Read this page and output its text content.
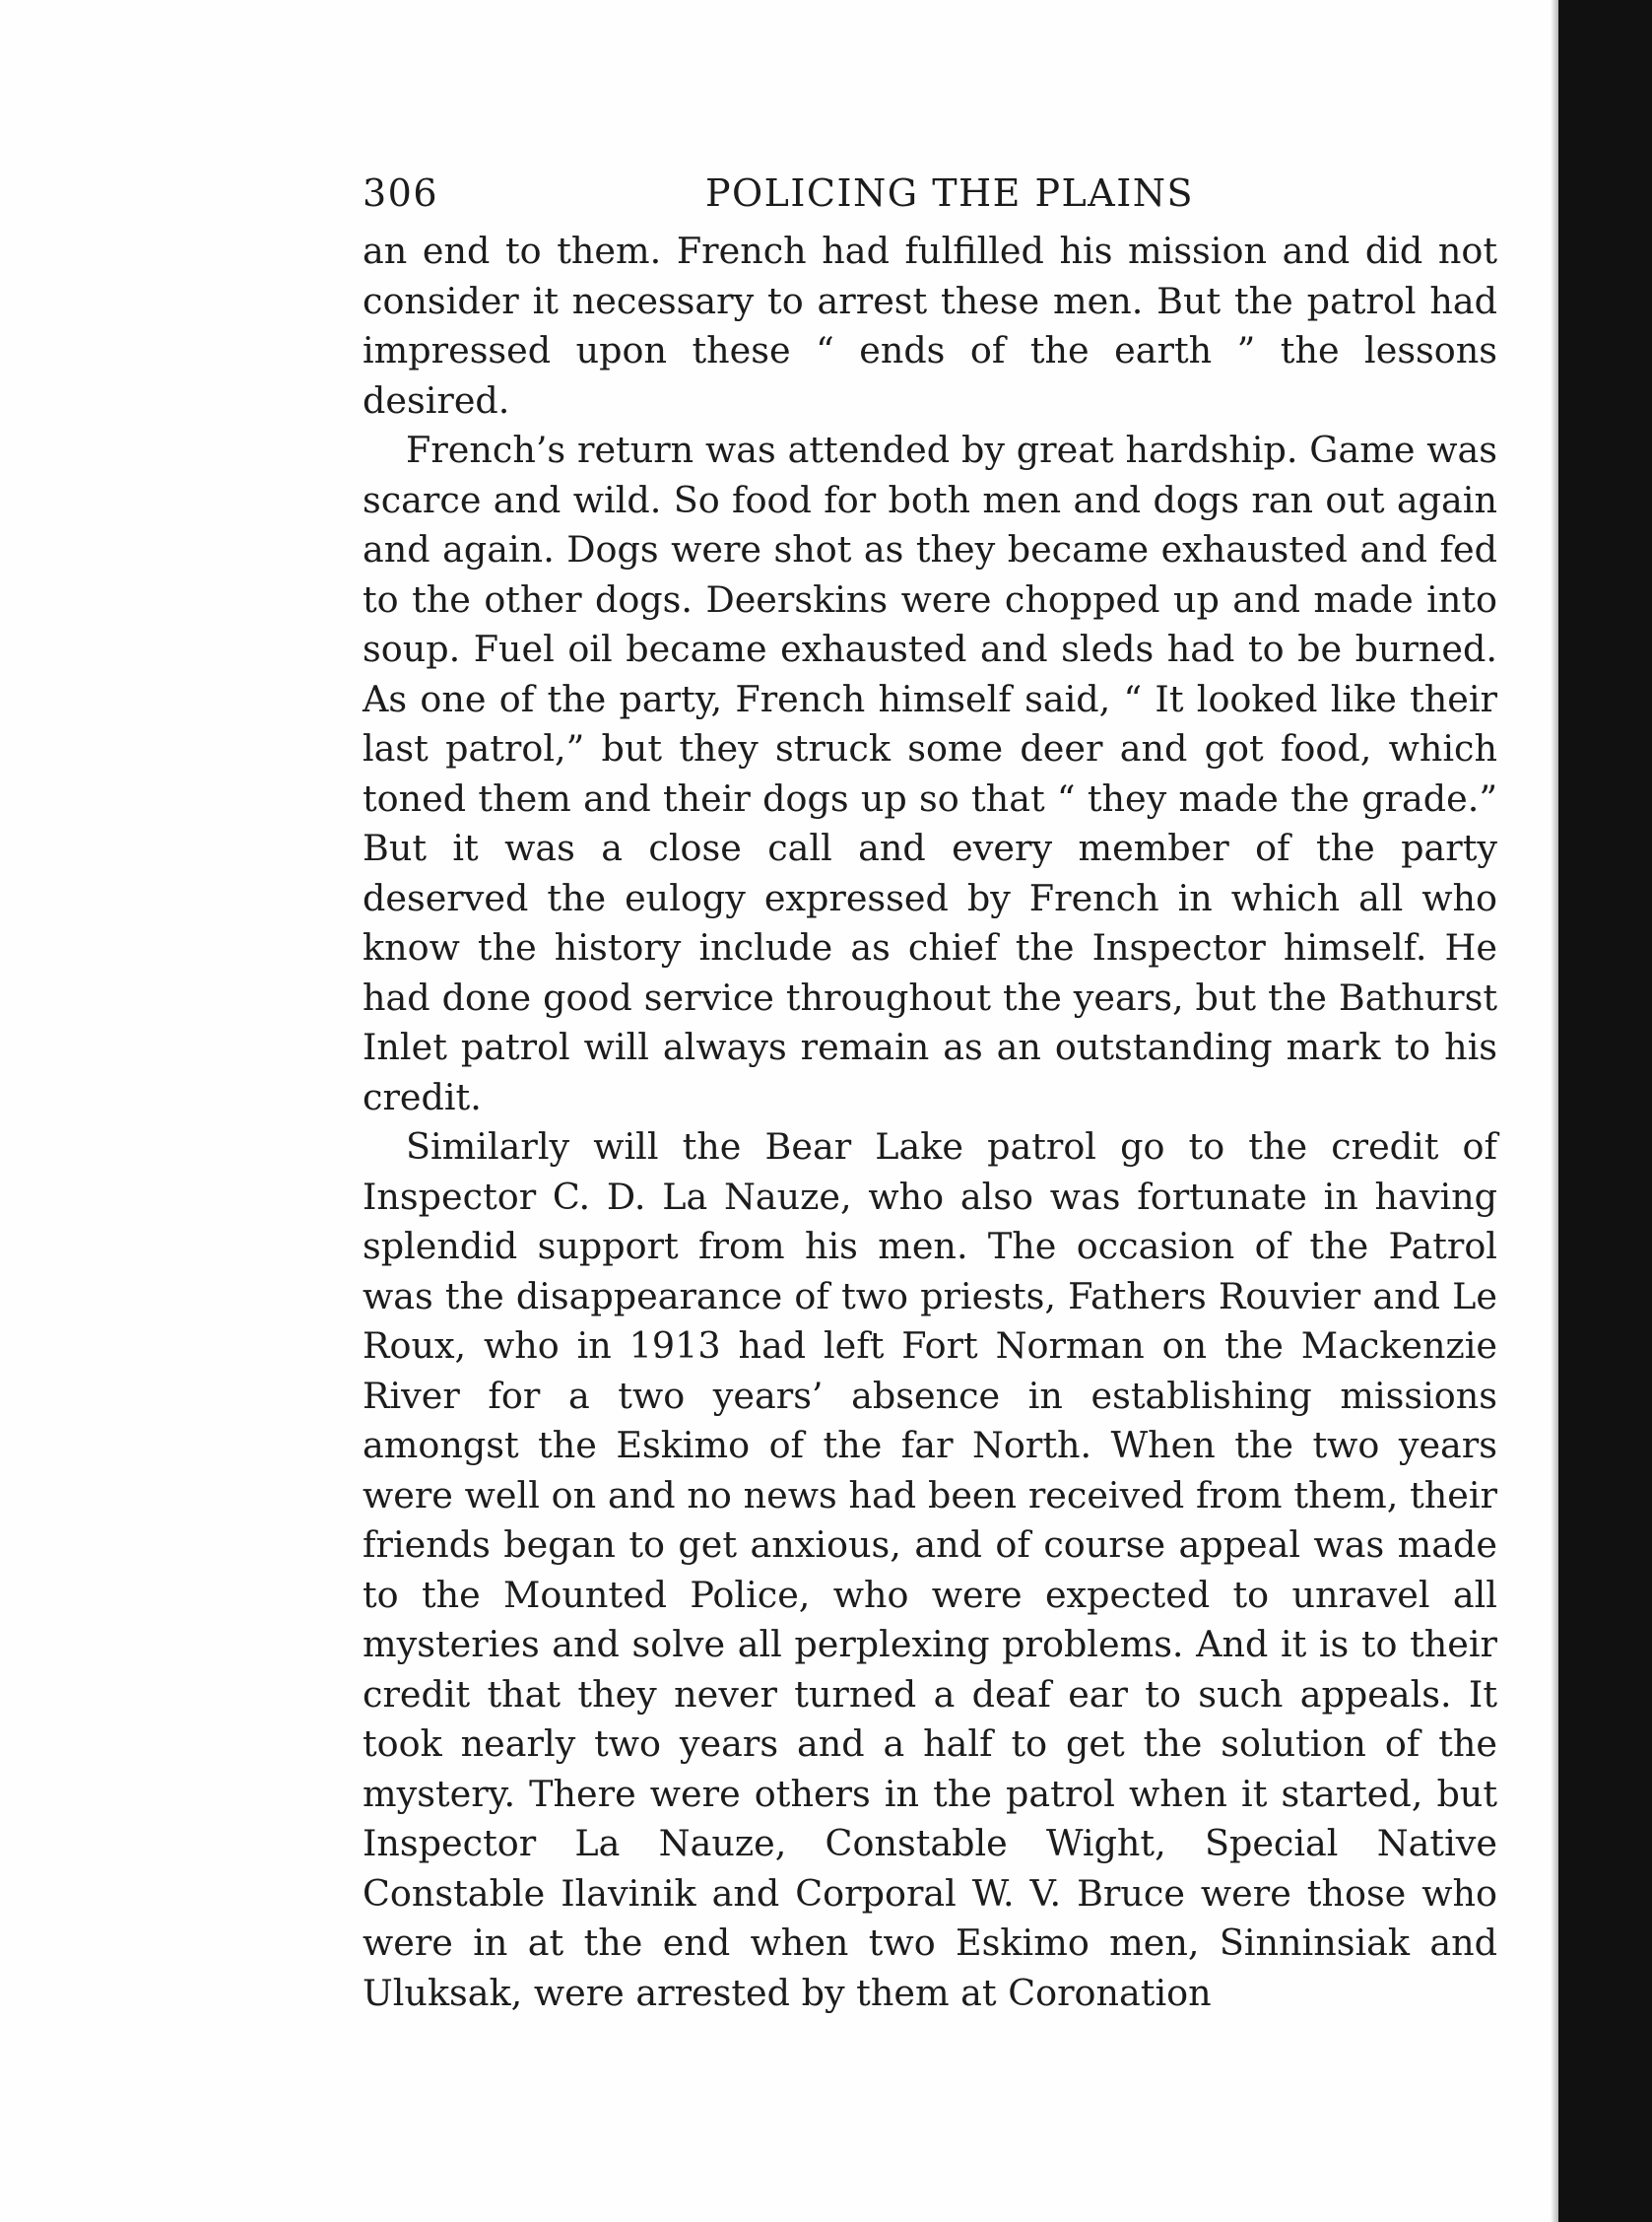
306	POLICING THE PLAINS

an end to them. French had fulfilled his mission and did not consider it necessary to arrest these men. But the patrol had impressed upon these “ ends of the earth ” the lessons desired.

French’s return was attended by great hardship. Game was scarce and wild. So food for both men and dogs ran out again and again. Dogs were shot as they became exhausted and fed to the other dogs. Deerskins were chopped up and made into soup. Fuel oil became exhausted and sleds had to be burned. As one of the party, French himself said, “ It looked like their last patrol,” but they struck some deer and got food, which toned them and their dogs up so that “ they made the grade.” But it was a close call and every member of the party deserved the eulogy expressed by French in which all who know the history include as chief the Inspector himself. He had done good service throughout the years, but the Bathurst Inlet patrol will always remain as an outstanding mark to his credit.

Similarly will the Bear Lake patrol go to the credit of Inspector C. D. La Nauze, who also was fortunate in having splendid support from his men. The occasion of the Patrol was the disappearance of two priests, Fathers Rouvier and Le Roux, who in 1913 had left Fort Norman on the Mackenzie River for a two years’ absence in establishing missions amongst the Eskimo of the far North. When the two years were well on and no news had been received from them, their friends began to get anxious, and of course appeal was made to the Mounted Police, who were expected to unravel all mysteries and solve all perplexing problems. And it is to their credit that they never turned a deaf ear to such appeals. It took nearly two years and a half to get the solution of the mystery. There were others in the patrol when it started, but Inspector La Nauze, Constable Wight, Special Native Constable Ilavinik and Corporal W. V. Bruce were those who were in at the end when two Eskimo men, Sinninsiak and Uluksak, were arrested by them at Coronation
